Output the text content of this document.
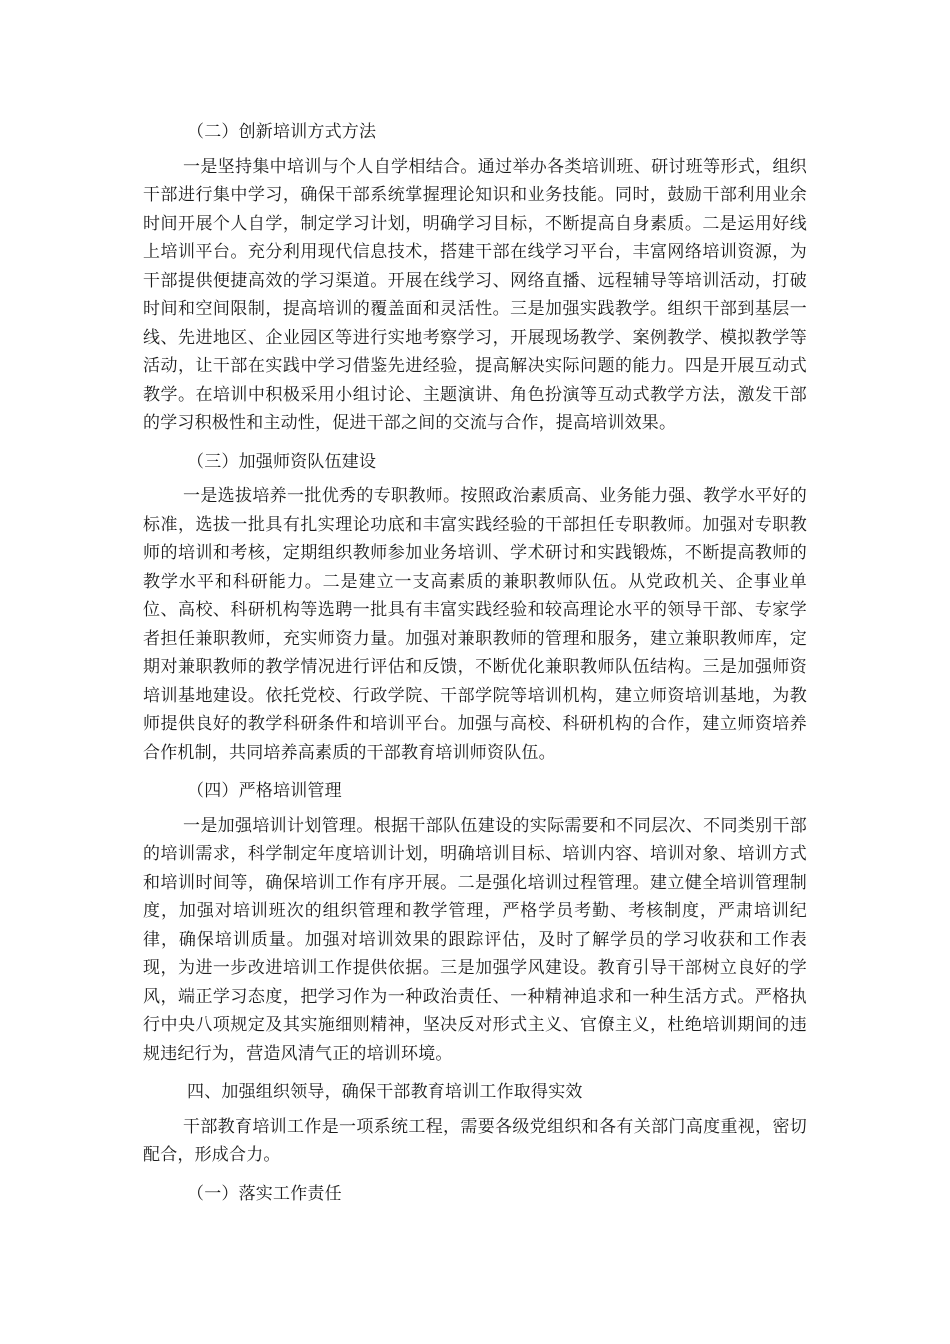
（二）创新培训方式方法

一是坚持集中培训与个人自学相结合。通过举办各类培训班、研讨班等形式，组织干部进行集中学习，确保干部系统掌握理论知识和业务技能。同时，鼓励干部利用业余时间开展个人自学，制定学习计划，明确学习目标，不断提高自身素质。二是运用好线上培训平台。充分利用现代信息技术，搭建干部在线学习平台，丰富网络培训资源，为干部提供便捷高效的学习渠道。开展在线学习、网络直播、远程辅导等培训活动，打破时间和空间限制，提高培训的覆盖面和灵活性。三是加强实践教学。组织干部到基层一线、先进地区、企业园区等进行实地考察学习，开展现场教学、案例教学、模拟教学等活动，让干部在实践中学习借鉴先进经验，提高解决实际问题的能力。四是开展互动式教学。在培训中积极采用小组讨论、主题演讲、角色扮演等互动式教学方法，激发干部的学习积极性和主动性，促进干部之间的交流与合作，提高培训效果。

（三）加强师资队伍建设

一是选拔培养一批优秀的专职教师。按照政治素质高、业务能力强、教学水平好的标准，选拔一批具有扎实理论功底和丰富实践经验的干部担任专职教师。加强对专职教师的培训和考核，定期组织教师参加业务培训、学术研讨和实践锻炼，不断提高教师的教学水平和科研能力。二是建立一支高素质的兼职教师队伍。从党政机关、企事业单位、高校、科研机构等选聘一批具有丰富实践经验和较高理论水平的领导干部、专家学者担任兼职教师，充实师资力量。加强对兼职教师的管理和服务，建立兼职教师库，定期对兼职教师的教学情况进行评估和反馈，不断优化兼职教师队伍结构。三是加强师资培训基地建设。依托党校、行政学院、干部学院等培训机构，建立师资培训基地，为教师提供良好的教学科研条件和培训平台。加强与高校、科研机构的合作，建立师资培养合作机制，共同培养高素质的干部教育培训师资队伍。

（四）严格培训管理

一是加强培训计划管理。根据干部队伍建设的实际需要和不同层次、不同类别干部的培训需求，科学制定年度培训计划，明确培训目标、培训内容、培训对象、培训方式和培训时间等，确保培训工作有序开展。二是强化培训过程管理。建立健全培训管理制度，加强对培训班次的组织管理和教学管理，严格学员考勤、考核制度，严肃培训纪律，确保培训质量。加强对培训效果的跟踪评估，及时了解学员的学习收获和工作表现，为进一步改进培训工作提供依据。三是加强学风建设。教育引导干部树立良好的学风，端正学习态度，把学习作为一种政治责任、一种精神追求和一种生活方式。严格执行中央八项规定及其实施细则精神，坚决反对形式主义、官僚主义，杜绝培训期间的违规违纪行为，营造风清气正的培训环境。

四、加强组织领导，确保干部教育培训工作取得实效

干部教育培训工作是一项系统工程，需要各级党组织和各有关部门高度重视，密切配合，形成合力。

（一）落实工作责任
